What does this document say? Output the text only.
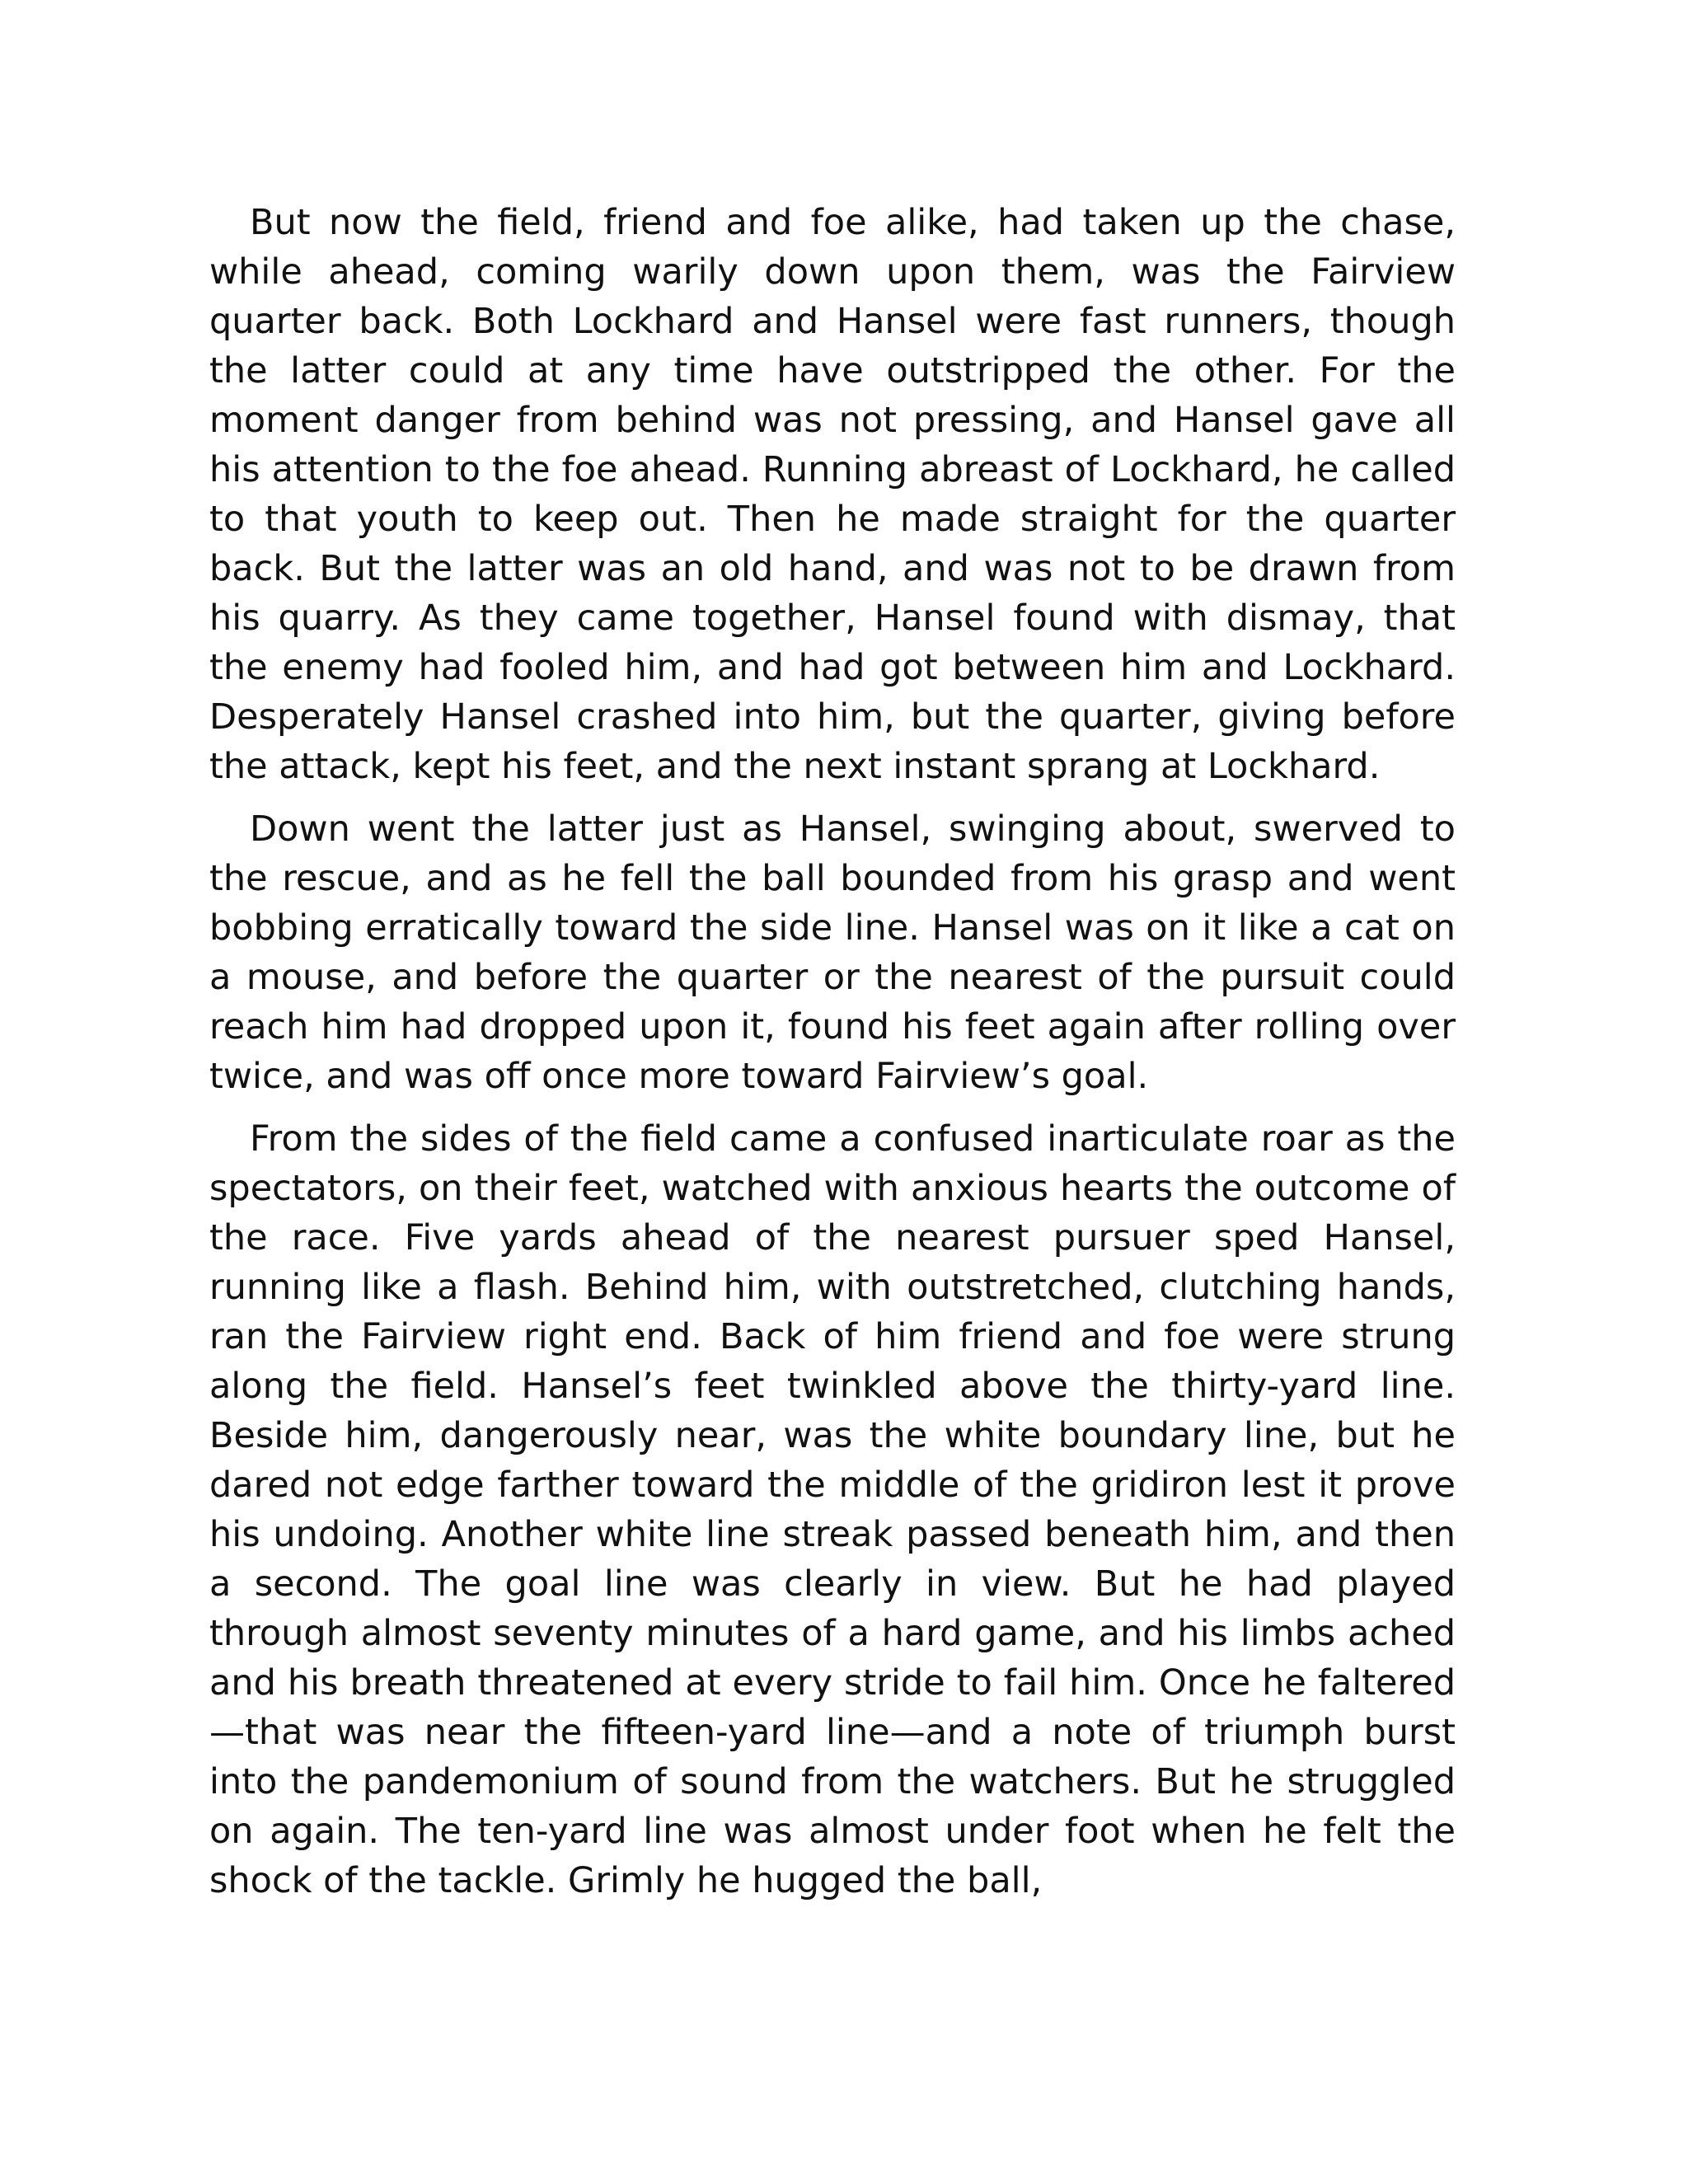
But now the field, friend and foe alike, had taken up the chase, while ahead, coming warily down upon them, was the Fairview quarter back. Both Lockhard and Hansel were fast runners, though the latter could at any time have outstripped the other. For the moment danger from behind was not pressing, and Hansel gave all his attention to the foe ahead. Running abreast of Lockhard, he called to that youth to keep out. Then he made straight for the quarter back. But the latter was an old hand, and was not to be drawn from his quarry. As they came together, Hansel found with dismay, that the enemy had fooled him, and had got between him and Lockhard. Desperately Hansel crashed into him, but the quarter, giving before the attack, kept his feet, and the next instant sprang at Lockhard.

Down went the latter just as Hansel, swinging about, swerved to the rescue, and as he fell the ball bounded from his grasp and went bobbing erratically toward the side line. Hansel was on it like a cat on a mouse, and before the quarter or the nearest of the pursuit could reach him had dropped upon it, found his feet again after rolling over twice, and was off once more toward Fairview’s goal.

From the sides of the field came a confused inarticulate roar as the spectators, on their feet, watched with anxious hearts the outcome of the race. Five yards ahead of the nearest pursuer sped Hansel, running like a flash. Behind him, with outstretched, clutching hands, ran the Fairview right end. Back of him friend and foe were strung along the field. Hansel’s feet twinkled above the thirty-yard line. Beside him, dangerously near, was the white boundary line, but he dared not edge farther toward the middle of the gridiron lest it prove his undoing. Another white line streak passed beneath him, and then a second. The goal line was clearly in view. But he had played through almost seventy minutes of a hard game, and his limbs ached and his breath threatened at every stride to fail him. Once he faltered—that was near the fifteen-yard line—and a note of triumph burst into the pandemonium of sound from the watchers. But he struggled on again. The ten-yard line was almost under foot when he felt the shock of the tackle. Grimly he hugged the ball,
